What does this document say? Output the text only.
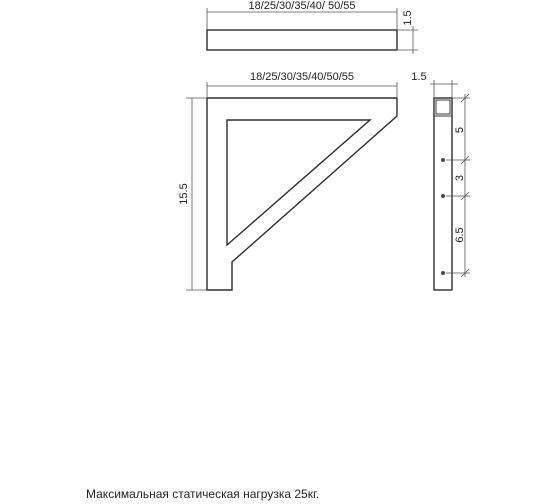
18/25/30/35/40/ 50/55
1.5
18/25/30/35/40/50/55
15.5
1.5
5
3
6.5
Максимальная статическая нагрузка 25кг.
